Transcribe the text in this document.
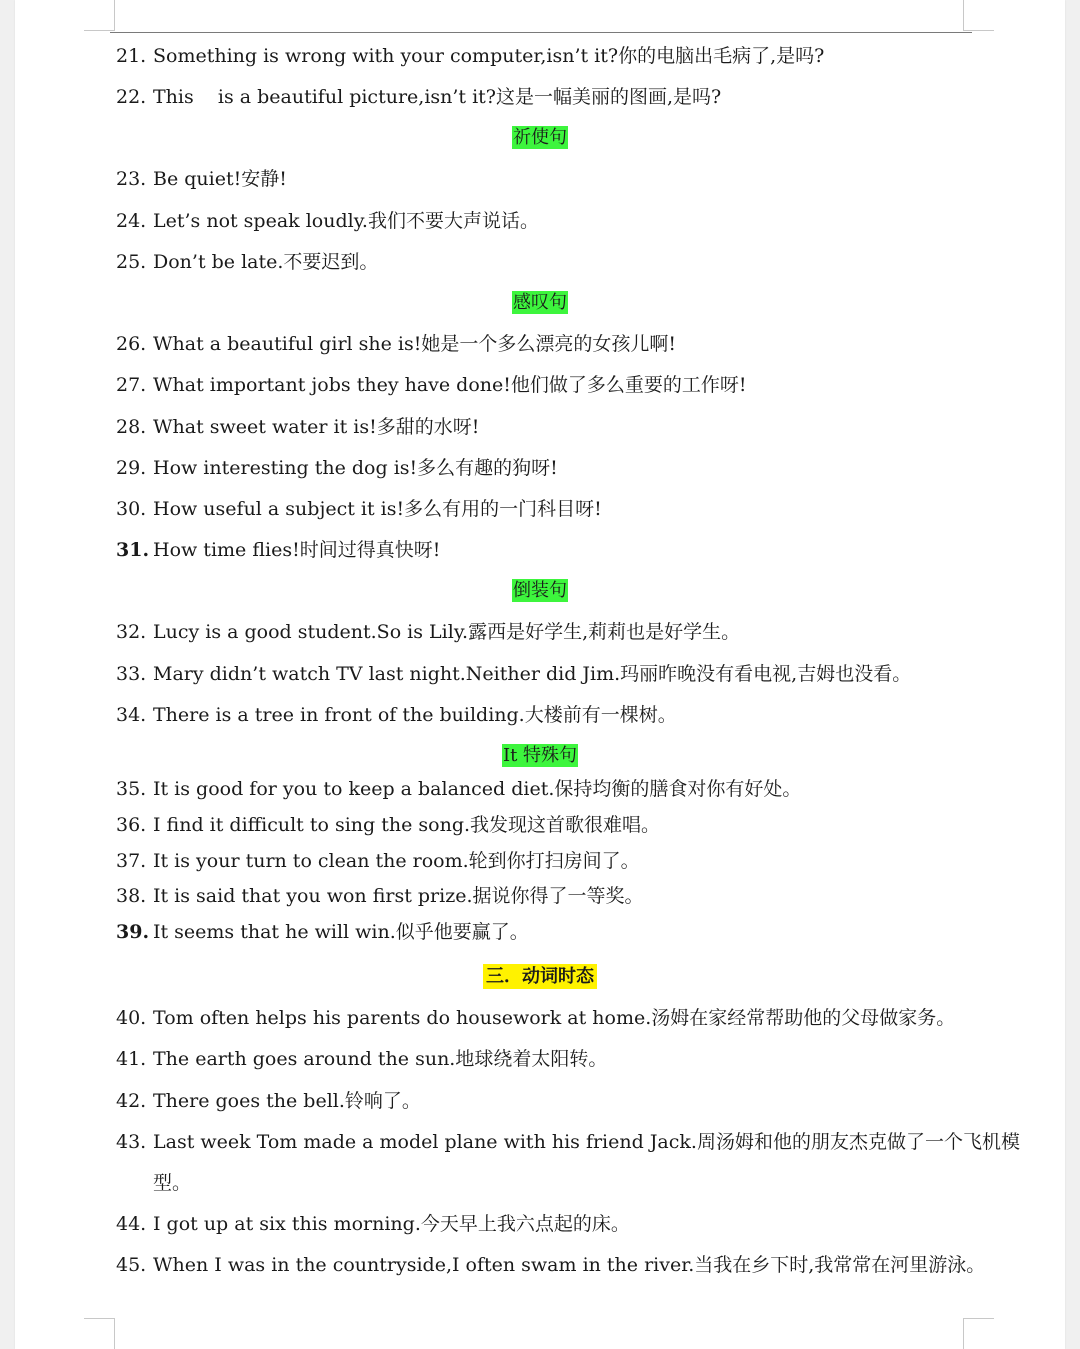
21. Something is wrong with your computer,isn’t it?你的电脑出毛病了,是吗?
22. This    is a beautiful picture,isn’t it?这是一幅美丽的图画,是吗?
祈使句
23. Be quiet!安静!
24. Let’s not speak loudly.我们不要大声说话。
25. Don’t be late.不要迟到。
感叹句
26. What a beautiful girl she is!她是一个多么漂亮的女孩儿啊!
27. What important jobs they have done!他们做了多么重要的工作呀!
28. What sweet water it is!多甜的水呀!
29. How interesting the dog is!多么有趣的狗呀!
30. How useful a subject it is!多么有用的一门科目呀!
31. How time flies!时间过得真快呀!
倒装句
32. Lucy is a good student.So is Lily.露西是好学生,莉莉也是好学生。
33. Mary didn’t watch TV last night.Neither did Jim.玛丽昨晚没有看电视,吉姆也没看。
34. There is a tree in front of the building.大楼前有一棵树。
It 特殊句
35. It is good for you to keep a balanced diet.保持均衡的膳食对你有好处。
36. I find it difficult to sing the song.我发现这首歌很难唱。
37. It is your turn to clean the room.轮到你打扫房间了。
38. It is said that you won first prize.据说你得了一等奖。
39. It seems that he will win.似乎他要赢了。
三．动词时态
40. Tom often helps his parents do housework at home.汤姆在家经常帮助他的父母做家务。
41. The earth goes around the sun.地球绕着太阳转。
42. There goes the bell.铃响了。
43. Last week Tom made a model plane with his friend Jack.周汤姆和他的朋友杰克做了一个飞机模
型。
44. I got up at six this morning.今天早上我六点起的床。
45. When I was in the countryside,I often swam in the river.当我在乡下时,我常常在河里游泳。
